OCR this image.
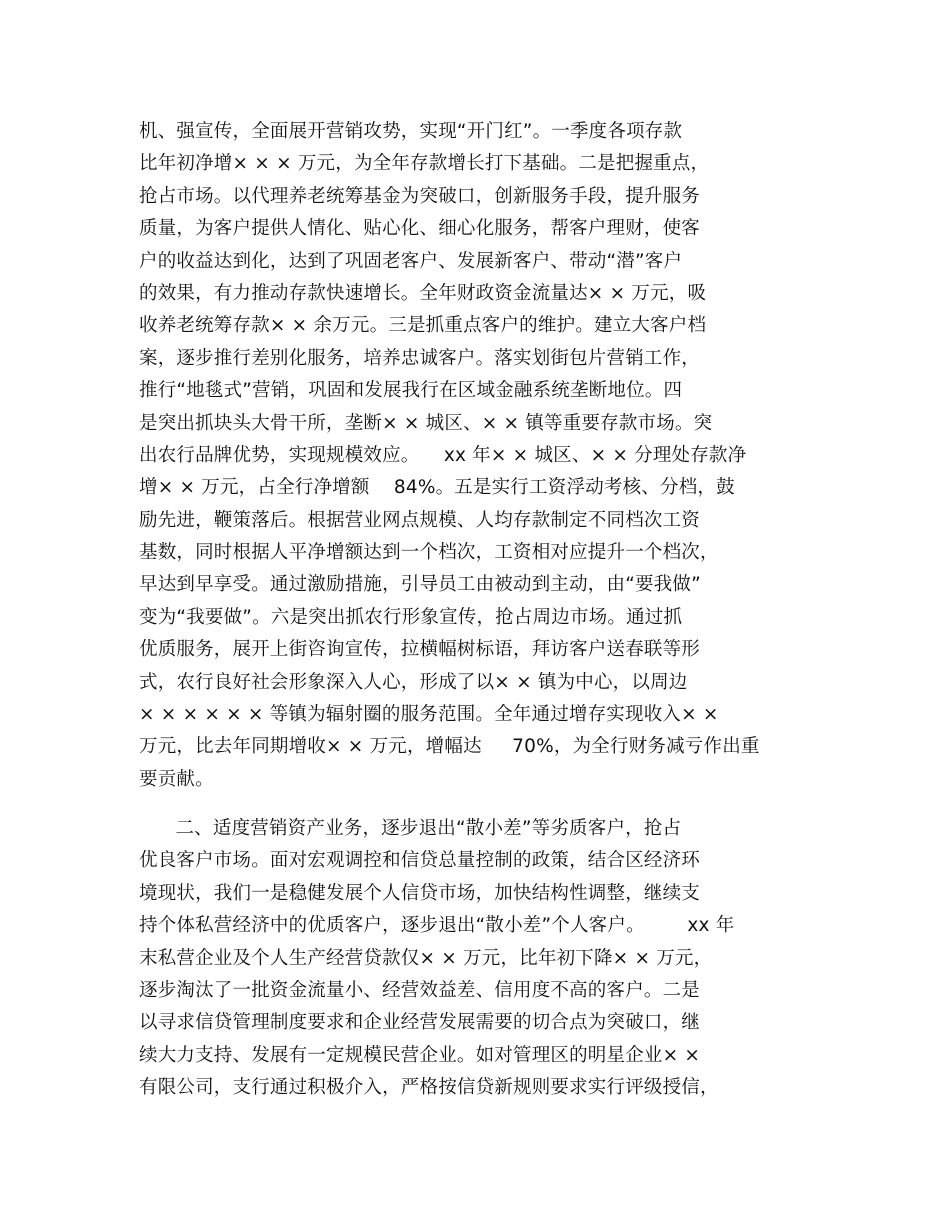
机、强宣传，全面展开营销攻势，实现“开门红”。一季度各项存款
比年初净增× × × 万元，为全年存款增长打下基础。二是把握重点，
抢占市场。以代理养老统筹基金为突破口，创新服务手段，提升服务
质量，为客户提供人情化、贴心化、细心化服务，帮客户理财，使客
户的收益达到化，达到了巩固老客户、发展新客户、带动“潜”客户
的效果，有力推动存款快速增长。全年财政资金流量达× × 万元，吸
收养老统筹存款× × 余万元。三是抓重点客户的维护。建立大客户档
案，逐步推行差别化服务，培养忠诚客户。落实划街包片营销工作，
推行“地毯式”营销，巩固和发展我行在区域金融系统垄断地位。四
是突出抓块头大骨干所，垄断× × 城区、× × 镇等重要存款市场。突
出农行品牌优势，实现规模效应。    xx 年× × 城区、× × 分理处存款净
增× × 万元，占全行净增额    84%。五是实行工资浮动考核、分档，鼓
励先进，鞭策落后。根据营业网点规模、人均存款制定不同档次工资
基数，同时根据人平净增额达到一个档次，工资相对应提升一个档次，
早达到早享受。通过激励措施，引导员工由被动到主动，由“要我做”
变为“我要做”。六是突出抓农行形象宣传，抢占周边市场。通过抓
优质服务，展开上街咨询宣传，拉横幅树标语，拜访客户送春联等形
式，农行良好社会形象深入人心，形成了以× × 镇为中心，以周边
× × × × × × 等镇为辐射圈的服务范围。全年通过增存实现收入× ×
万元，比去年同期增收× × 万元，增幅达     70%，为全行财务减亏作出重
要贡献。
二、适度营销资产业务，逐步退出“散小差”等劣质客户，抢占
优良客户市场。面对宏观调控和信贷总量控制的政策，结合区经济环
境现状，我们一是稳健发展个人信贷市场，加快结构性调整，继续支
持个体私营经济中的优质客户，逐步退出“散小差”个人客户。       xx 年
末私营企业及个人生产经营贷款仅× × 万元，比年初下降× × 万元，
逐步淘汰了一批资金流量小、经营效益差、信用度不高的客户。二是
以寻求信贷管理制度要求和企业经营发展需要的切合点为突破口，继
续大力支持、发展有一定规模民营企业。如对管理区的明星企业× ×
有限公司，支行通过积极介入，严格按信贷新规则要求实行评级授信，
